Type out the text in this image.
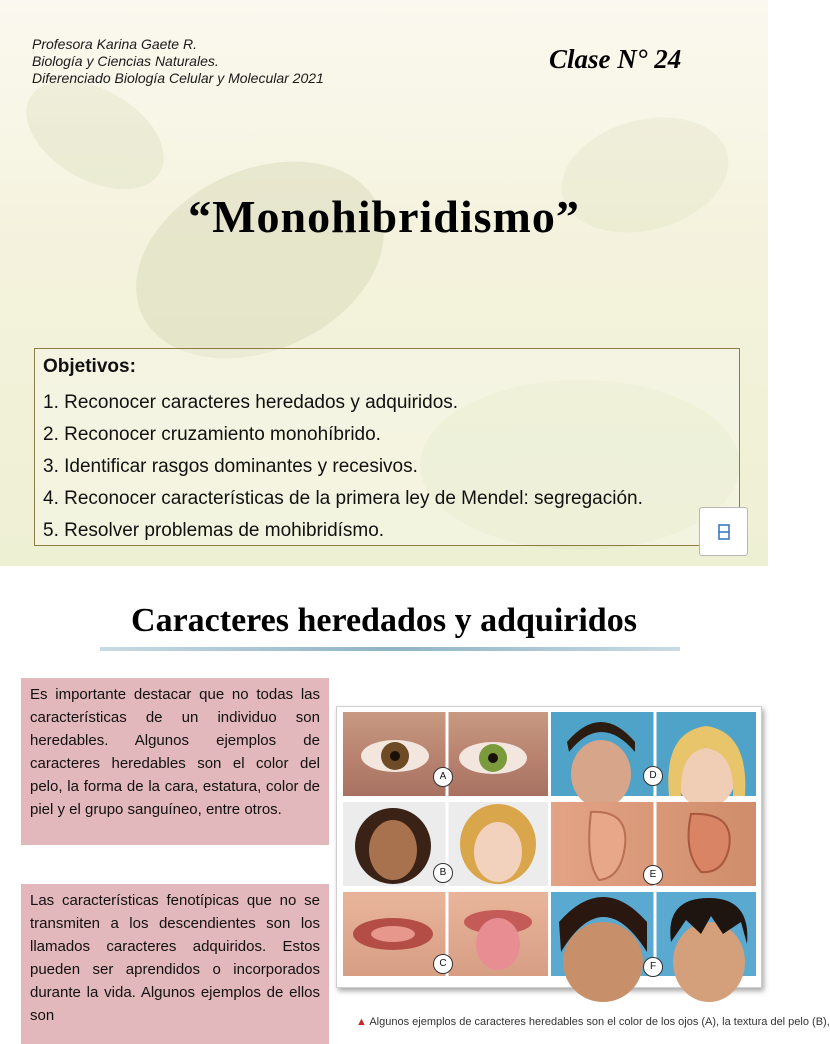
Profesora Karina Gaete R.
Biología y Ciencias Naturales.
Diferenciado Biología Celular y Molecular 2021
Clase N° 24
“Monohibridismo”
Objetivos:
1. Reconocer caracteres heredados y adquiridos.
2. Reconocer cruzamiento monohíbrido.
3. Identificar rasgos dominantes y recesivos.
4. Reconocer características de la primera ley de Mendel: segregación.
5. Resolver problemas de mohibridísmo.
Caracteres heredados y adquiridos
Es importante destacar que no todas las características de un individuo son heredables. Algunos ejemplos de caracteres heredables son el color del pelo, la forma de la cara, estatura, color de piel y el grupo sanguíneo, entre otros.
Las características fenotípicas que no se transmiten a los descendientes son los llamados caracteres adquiridos. Estos pueden ser aprendidos o incorporados durante la vida. Algunos ejemplos de ellos son
A
B
C
D
E
F
▲ Algunos ejemplos de caracteres heredables son el color de los ojos (A), la textura del pelo (B),
